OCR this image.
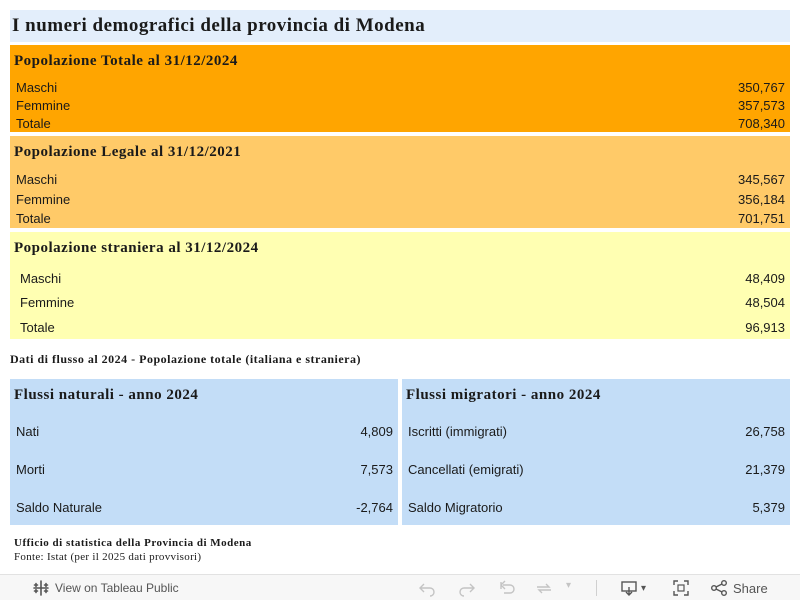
I numeri demografici della provincia di Modena
Popolazione Totale al 31/12/2024
Maschi	350,767
Femmine	357,573
Totale	708,340
Popolazione Legale al 31/12/2021
Maschi	345,567
Femmine	356,184
Totale	701,751
Popolazione straniera al 31/12/2024
Maschi	48,409
Femmine	48,504
Totale	96,913
Dati di flusso al 2024 - Popolazione totale (italiana e straniera)
Flussi naturali - anno 2024
Nati	4,809
Morti	7,573
Saldo Naturale	-2,764
Flussi migratori - anno 2024
Iscritti (immigrati)	26,758
Cancellati (emigrati)	21,379
Saldo Migratorio	5,379
Ufficio di statistica della Provincia di Modena
Fonte: Istat (per il 2025 dati provvisori)
View on Tableau Public	▾	▾	Share
